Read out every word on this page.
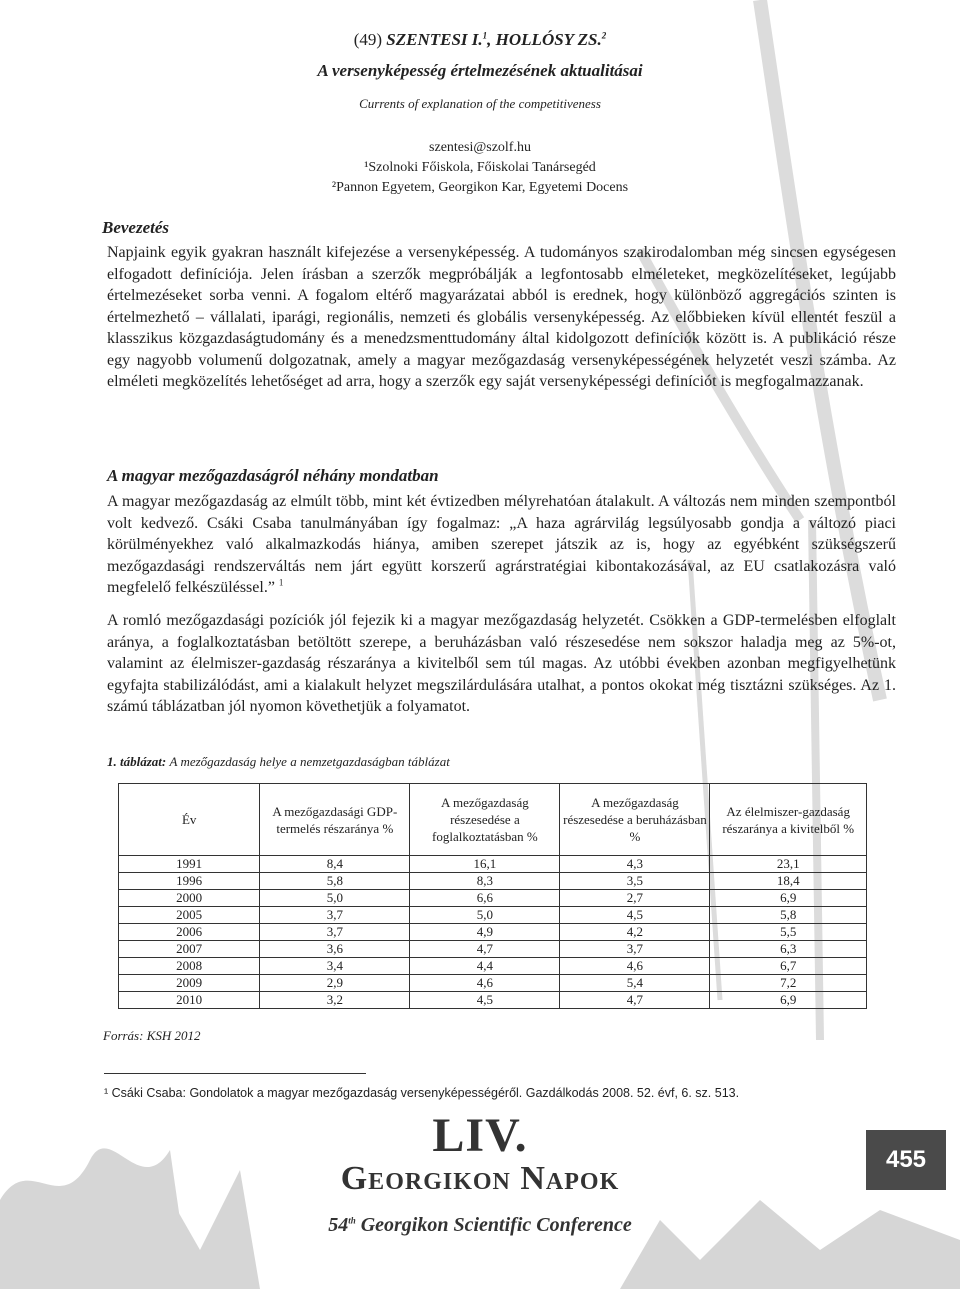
(49) SZENTESI I.$^1$, HOLLÓSY ZS.$^2$
A versenyképesség értelmezésének aktualitásai
Currents of explanation of the competitiveness
szentesi@szolf.hu
¹Szolnoki Főiskola, Főiskolai Tanársegéd
²Pannon Egyetem, Georgikon Kar, Egyetemi Docens
Bevezetés
Napjaink egyik gyakran használt kifejezése a versenyképesség. A tudományos szakirodalomban még sincsen egységesen elfogadott definíciója. Jelen írásban a szerzők megpróbálják a legfontosabb elméleteket, megközelítéseket, legújabb értelmezéseket sorba venni. A fogalom eltérő magyarázatai abból is erednek, hogy különböző aggregációs szinten is értelmezhető – vállalati, iparági, regionális, nemzeti és globális versenyképesség. Az előbbieken kívül ellentét feszül a klasszikus közgazdaságtudomány és a menedzsmenttudomány által kidolgozott definíciók között is. A publikáció része egy nagyobb volumenű dolgozatnak, amely a magyar mezőgazdaság versenyképességének helyzetét veszi számba. Az elméleti megközelítés lehetőséget ad arra, hogy a szerzők egy saját versenyképességi definíciót is megfogalmazzanak.
A magyar mezőgazdaságról néhány mondatban
A magyar mezőgazdaság az elmúlt több, mint két évtizedben mélyrehatóan átalakult. A változás nem minden szempontból volt kedvező. Csáki Csaba tanulmányában így fogalmaz: „A haza agrárvilág legsúlyosabb gondja a változó piaci körülményekhez való alkalmazkodás hiánya, amiben szerepet játszik az is, hogy az egyébként szükségszerű mezőgazdasági rendszerváltás nem járt együtt korszerű agrárstratégiai kibontakozásával, az EU csatlakozásra való megfelelő felkészüléssel.” $^1$
A romló mezőgazdasági pozíciók jól fejezik ki a magyar mezőgazdaság helyzetét. Csökken a GDP-termelésben elfoglalt aránya, a foglalkoztatásban betöltött szerepe, a beruházásban való részesedése nem sokszor haladja meg az 5%-ot, valamint az élelmiszer-gazdaság részaránya a kivitelből sem túl magas. Az utóbbi években azonban megfigyelhetünk egyfajta stabilizálódást, ami a kialakult helyzet megszilárdulására utalhat, a pontos okokat még tisztázni szükséges. Az 1. számú táblázatban jól nyomon követhetjük a folyamatot.
1. táblázat: A mezőgazdaság helye a nemzetgazdaságban táblázat
Év	A mezőgazdasági GDP-termelés részaránya %	A mezőgazdaság részesedése a foglalkoztatásban %	A mezőgazdaság részesedése a beruházásban %	Az élelmiszer-gazdaság részaránya a kivitelből %
1991	8,4	16,1	4,3	23,1
1996	5,8	8,3	3,5	18,4
2000	5,0	6,6	2,7	6,9
2005	3,7	5,0	4,5	5,8
2006	3,7	4,9	4,2	5,5
2007	3,6	4,7	3,7	6,3
2008	3,4	4,4	4,6	6,7
2009	2,9	4,6	5,4	7,2
2010	3,2	4,5	4,7	6,9
Forrás: KSH 2012
¹ Csáki Csaba: Gondolatok a magyar mezőgazdaság versenyképességéről. Gazdálkodás 2008. 52. évf, 6. sz. 513.
LIV.
Georgikon Napok
54th Georgikon Scientific Conference
455
